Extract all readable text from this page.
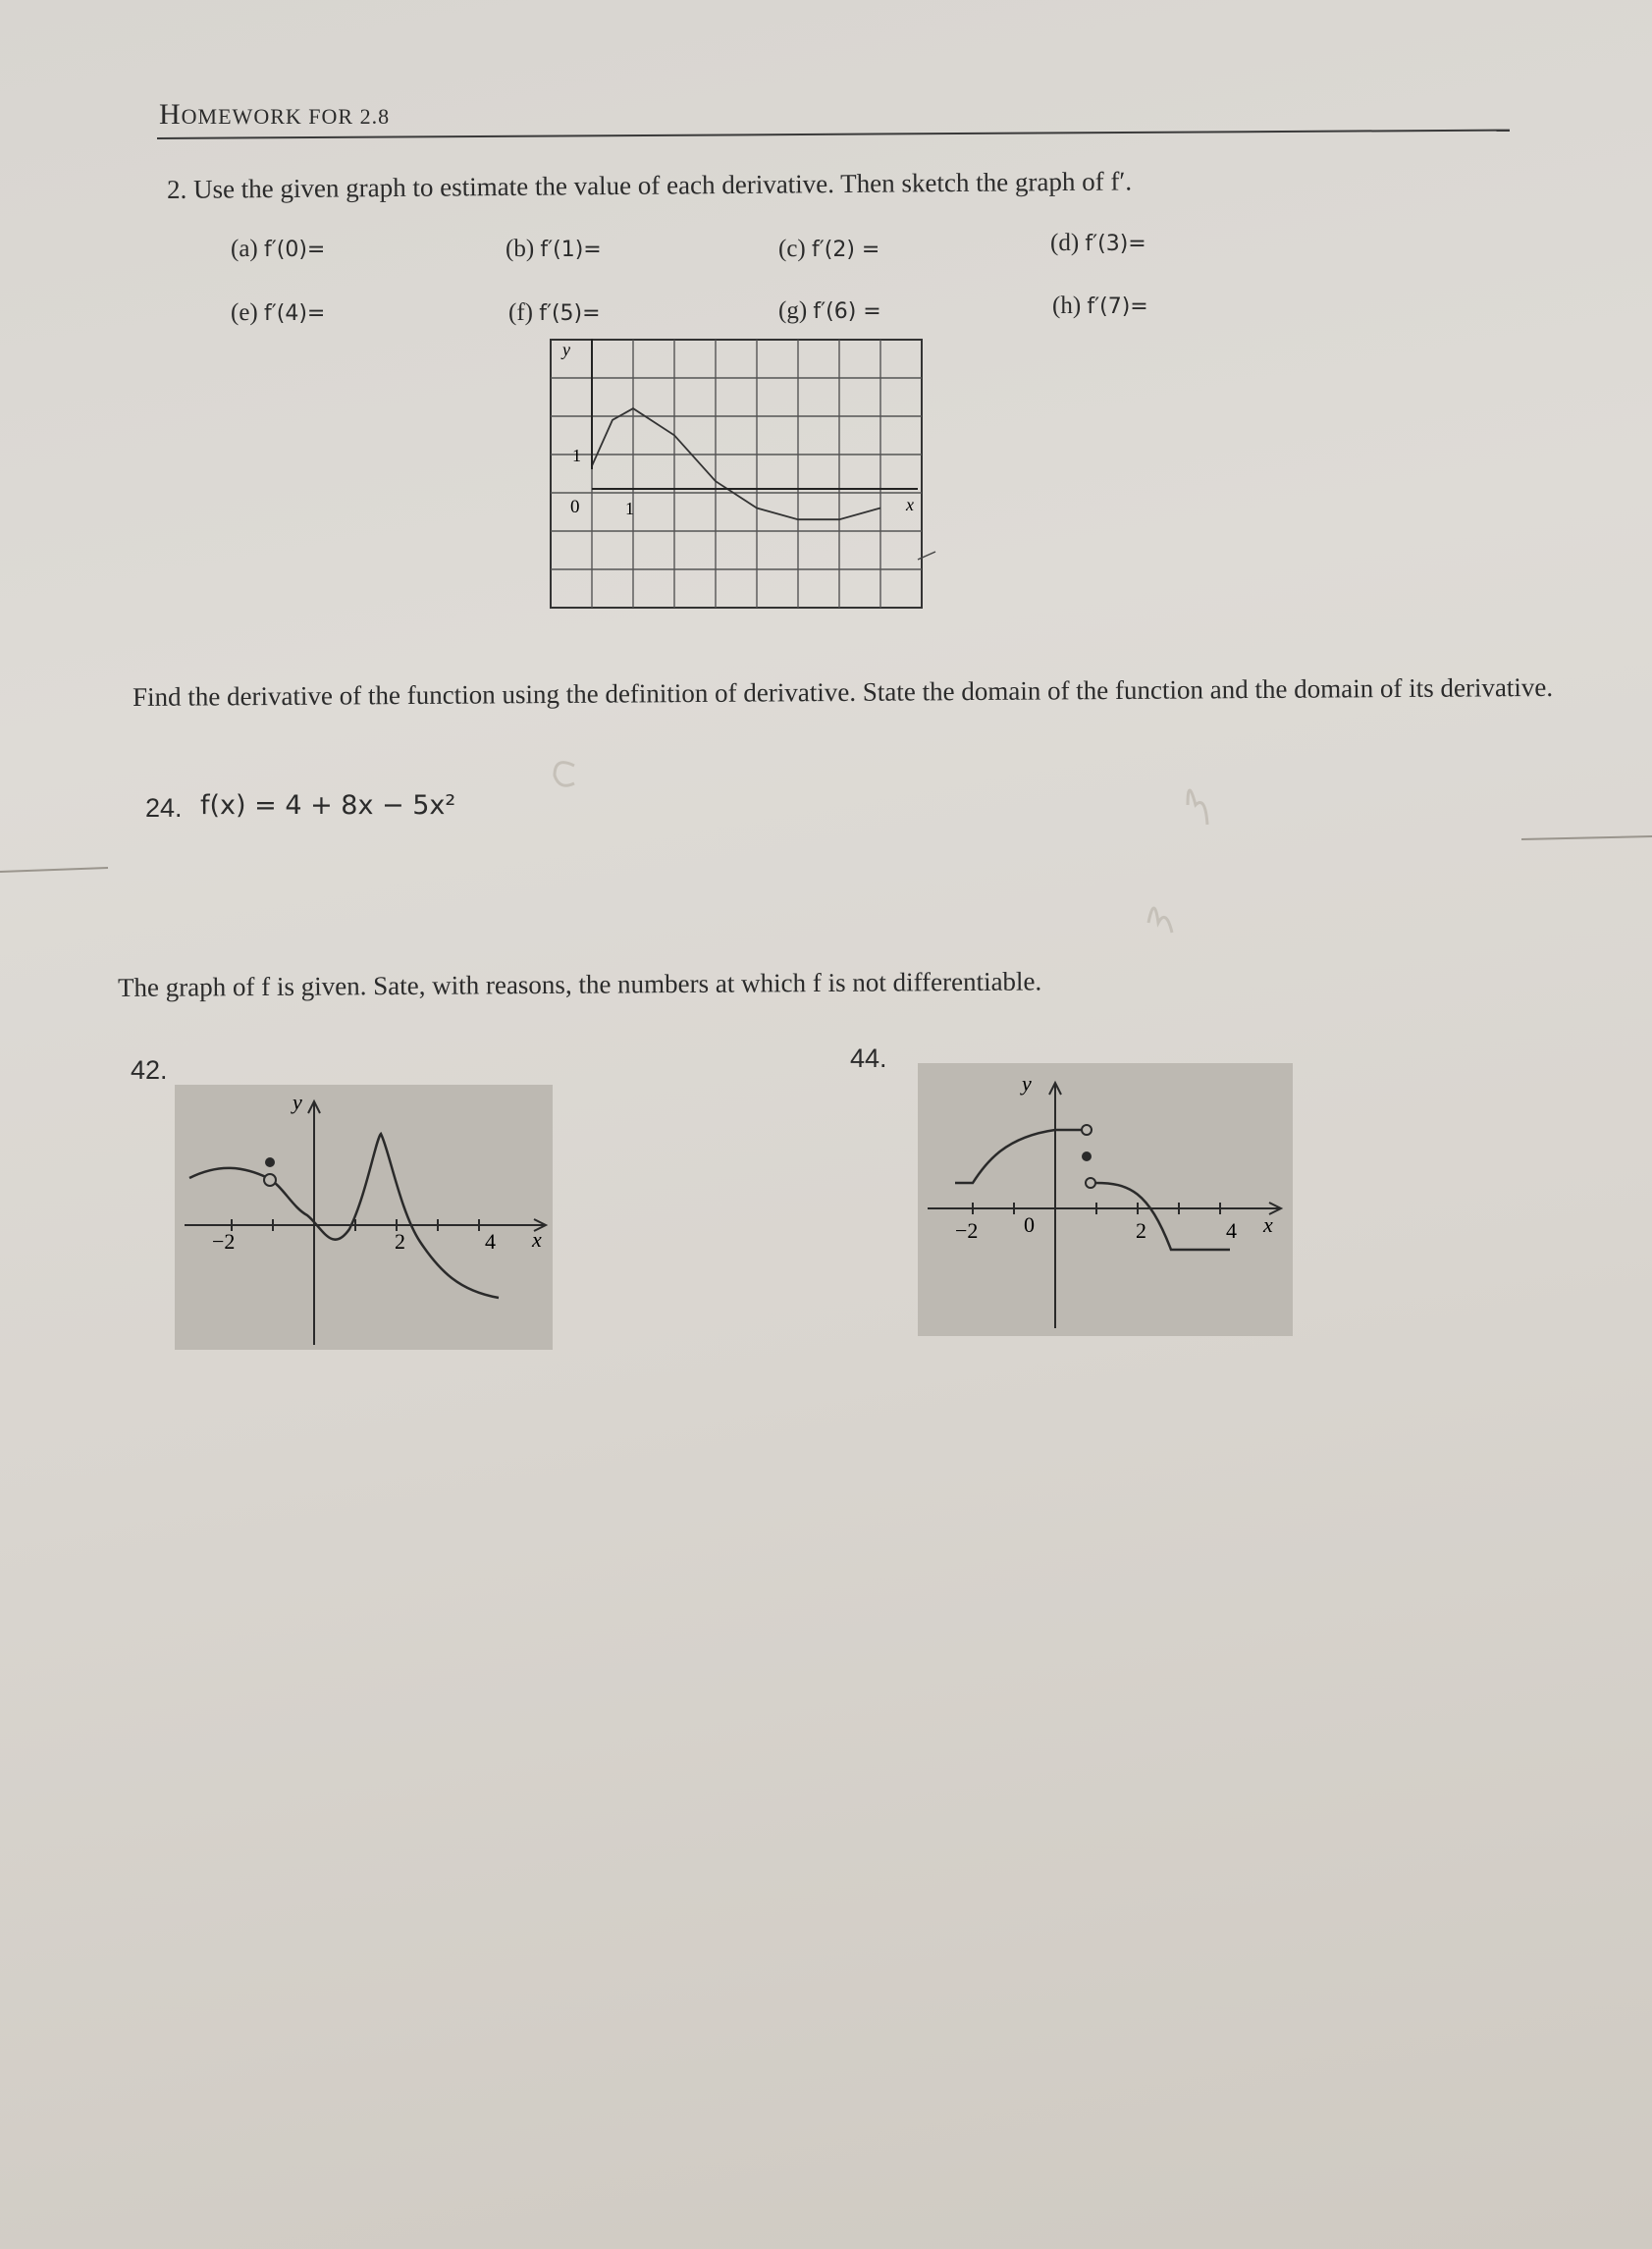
HOMEWORK FOR 2.8
2. Use the given graph to estimate the value of each derivative. Then sketch the graph of f′.
(a) f′(0)=	(b) f′(1)=	(c) f′(2) =	(d) f′(3)=
(e) f′(4)=	(f) f′(5)=	(g) f′(6) =	(h) f′(7)=
y
x
0	1
1
Find the derivative of the function using the definition of derivative. State the domain of the function and the domain of its derivative.
24. f(x) = 4 + 8x − 5x²
The graph of f is given. Sate, with reasons, the numbers at which f is not differentiable.
42.	44.
y
x
−2	2	4
y
x
−2 0	2	4
